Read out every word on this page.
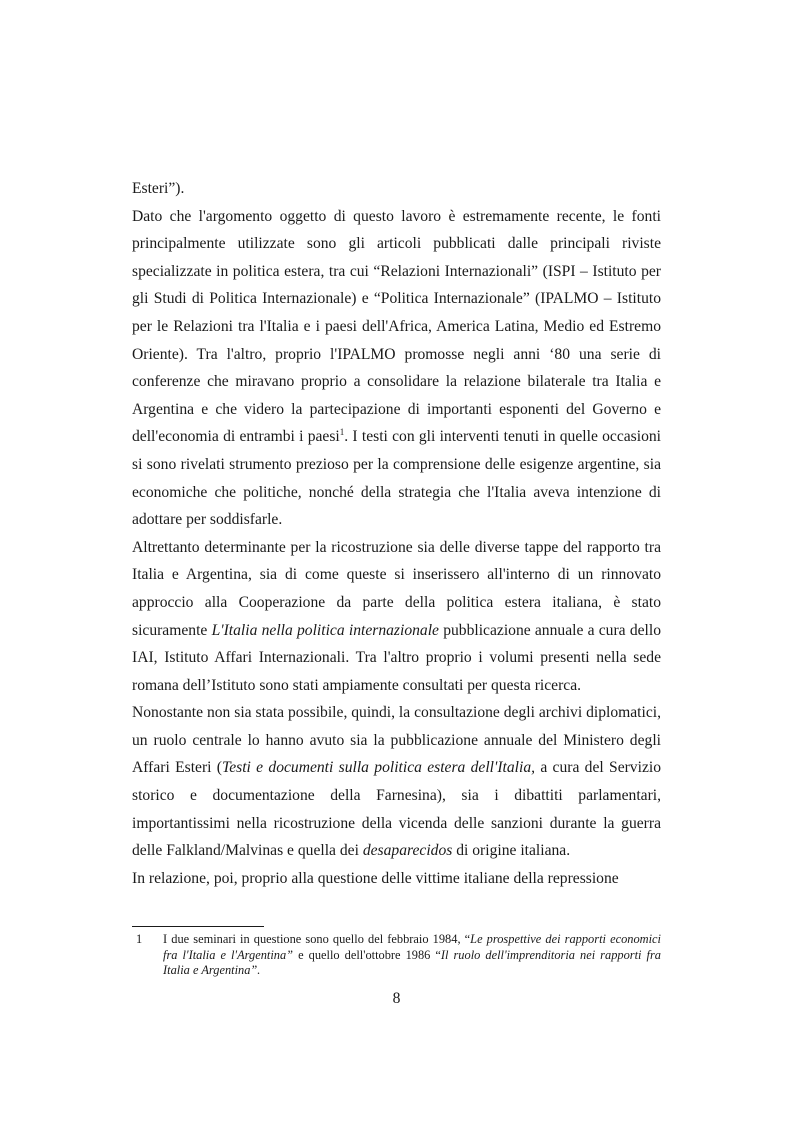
Esteri”).

Dato che l'argomento oggetto di questo lavoro è estremamente recente, le fonti principalmente utilizzate sono gli articoli pubblicati dalle principali riviste specializzate in politica estera, tra cui “Relazioni Internazionali” (ISPI – Istituto per gli Studi di Politica Internazionale) e “Politica Internazionale” (IPALMO – Istituto per le Relazioni tra l'Italia e i paesi dell'Africa, America Latina, Medio ed Estremo Oriente). Tra l'altro, proprio l'IPALMO promosse negli anni ‘80 una serie di conferenze che miravano proprio a consolidare la relazione bilaterale tra Italia e Argentina e che videro la partecipazione di importanti esponenti del Governo e dell'economia di entrambi i paesi$^1$. I testi con gli interventi tenuti in quelle occasioni si sono rivelati strumento prezioso per la comprensione delle esigenze argentine, sia economiche che politiche, nonché della strategia che l'Italia aveva intenzione di adottare per soddisfarle.

Altrettanto determinante per la ricostruzione sia delle diverse tappe del rapporto tra Italia e Argentina, sia di come queste si inserissero all'interno di un rinnovato approccio alla Cooperazione da parte della politica estera italiana, è stato sicuramente L'Italia nella politica internazionale pubblicazione annuale a cura dello IAI, Istituto Affari Internazionali. Tra l'altro proprio i volumi presenti nella sede romana dell’Istituto sono stati ampiamente consultati per questa ricerca.

Nonostante non sia stata possibile, quindi, la consultazione degli archivi diplomatici, un ruolo centrale lo hanno avuto sia la pubblicazione annuale del Ministero degli Affari Esteri (Testi e documenti sulla politica estera dell'Italia, a cura del Servizio storico e documentazione della Farnesina), sia i dibattiti parlamentari, importantissimi nella ricostruzione della vicenda delle sanzioni durante la guerra delle Falkland/Malvinas e quella dei desaparecidos di origine italiana.

In relazione, poi, proprio alla questione delle vittime italiane della repressione

1 I due seminari in questione sono quello del febbraio 1984, “Le prospettive dei rapporti economici fra l'Italia e l'Argentina” e quello dell'ottobre 1986 “Il ruolo dell'imprenditoria nei rapporti fra Italia e Argentina”.
8
